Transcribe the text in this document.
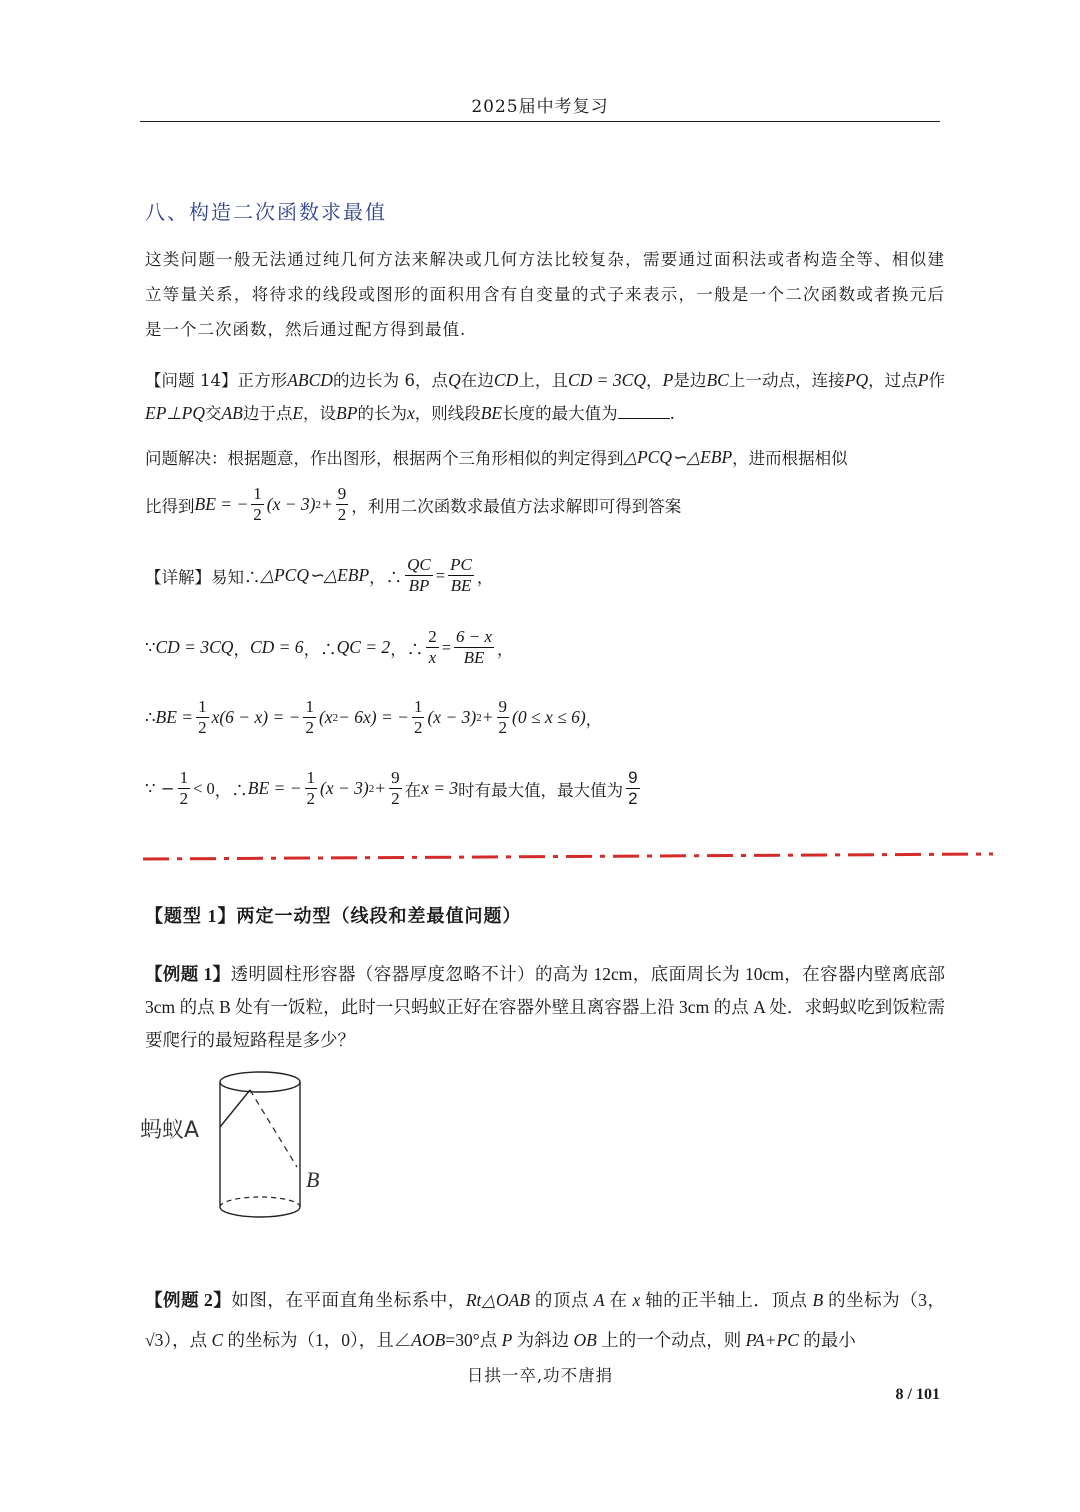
2025届中考复习
八、构造二次函数求最值
这类问题一般无法通过纯几何方法来解决或几何方法比较复杂，需要通过面积法或者构造全等、相似建立等量关系，将待求的线段或图形的面积用含有自变量的式子来表示，一般是一个二次函数或者换元后是一个二次函数，然后通过配方得到最值.
【问题 14】正方形ABCD的边长为 6，点Q在边CD上，且CD = 3CQ，P是边BC上一动点，连接PQ，过点P作EP⊥PQ交AB边于点E，设BP的长为x，则线段BE长度的最大值为	.
问题解决： 根据题意，作出图形，根据两个三角形相似的判定得到 △PCQ∽△EBP ，进而根据相似
比得到 BE = − $\frac{1}{2} (x - 3) 2 + \frac{9}{2}$ ，利用二次函数求最值方法求解即可得到答案
【详解】 易知∴ △PCQ∽△EBP ，∴ $\frac{QC}{BP} = \frac{PC}{BE}$ ，
∵ CD = 3CQ ， CD = 6 ，∴ QC = 2 ，∴ $\frac{2}{x} = \frac{6 - x}{BE}$ ，
∴ BE = $\frac{1}{2} x(6 - x)$ = − $\frac{1}{2} (x$ 2 − 6x) = − $\frac{1}{2} (x - 3) 2 + \frac{9}{2} (0 \le x \le 6)$ ，
∵ − $\frac{1}{2} < 0$ ，∴ BE = − $\frac{1}{2} (x - 3) 2 + \frac{9}{2}$ 在 x = 3 时有最大值，最大值为 $\frac{9}{2}$
【题型 1】两定一动型（线段和差最值问题）
【例题 1】透明圆柱形容器（容器厚度忽略不计）的高为 12cm，底面周长为 10cm，在容器内壁离底部 3cm 的点 B 处有一饭粒，此时一只蚂蚁正好在容器外壁且离容器上沿 3cm 的点 A 处．求蚂蚁吃到饭粒需要爬行的最短路程是多少？
蚂蚁A
B
【例题 2】如图，在平面直角坐标系中，Rt△OAB 的顶点 A 在 x 轴的正半轴上．顶点 B 的坐标为（3，√3），点 C 的坐标为（1，0），且∠AOB=30°点 P 为斜边 OB 上的一个动点，则 PA+PC 的最小
日拱一卒,功不唐捐
8 / 101
